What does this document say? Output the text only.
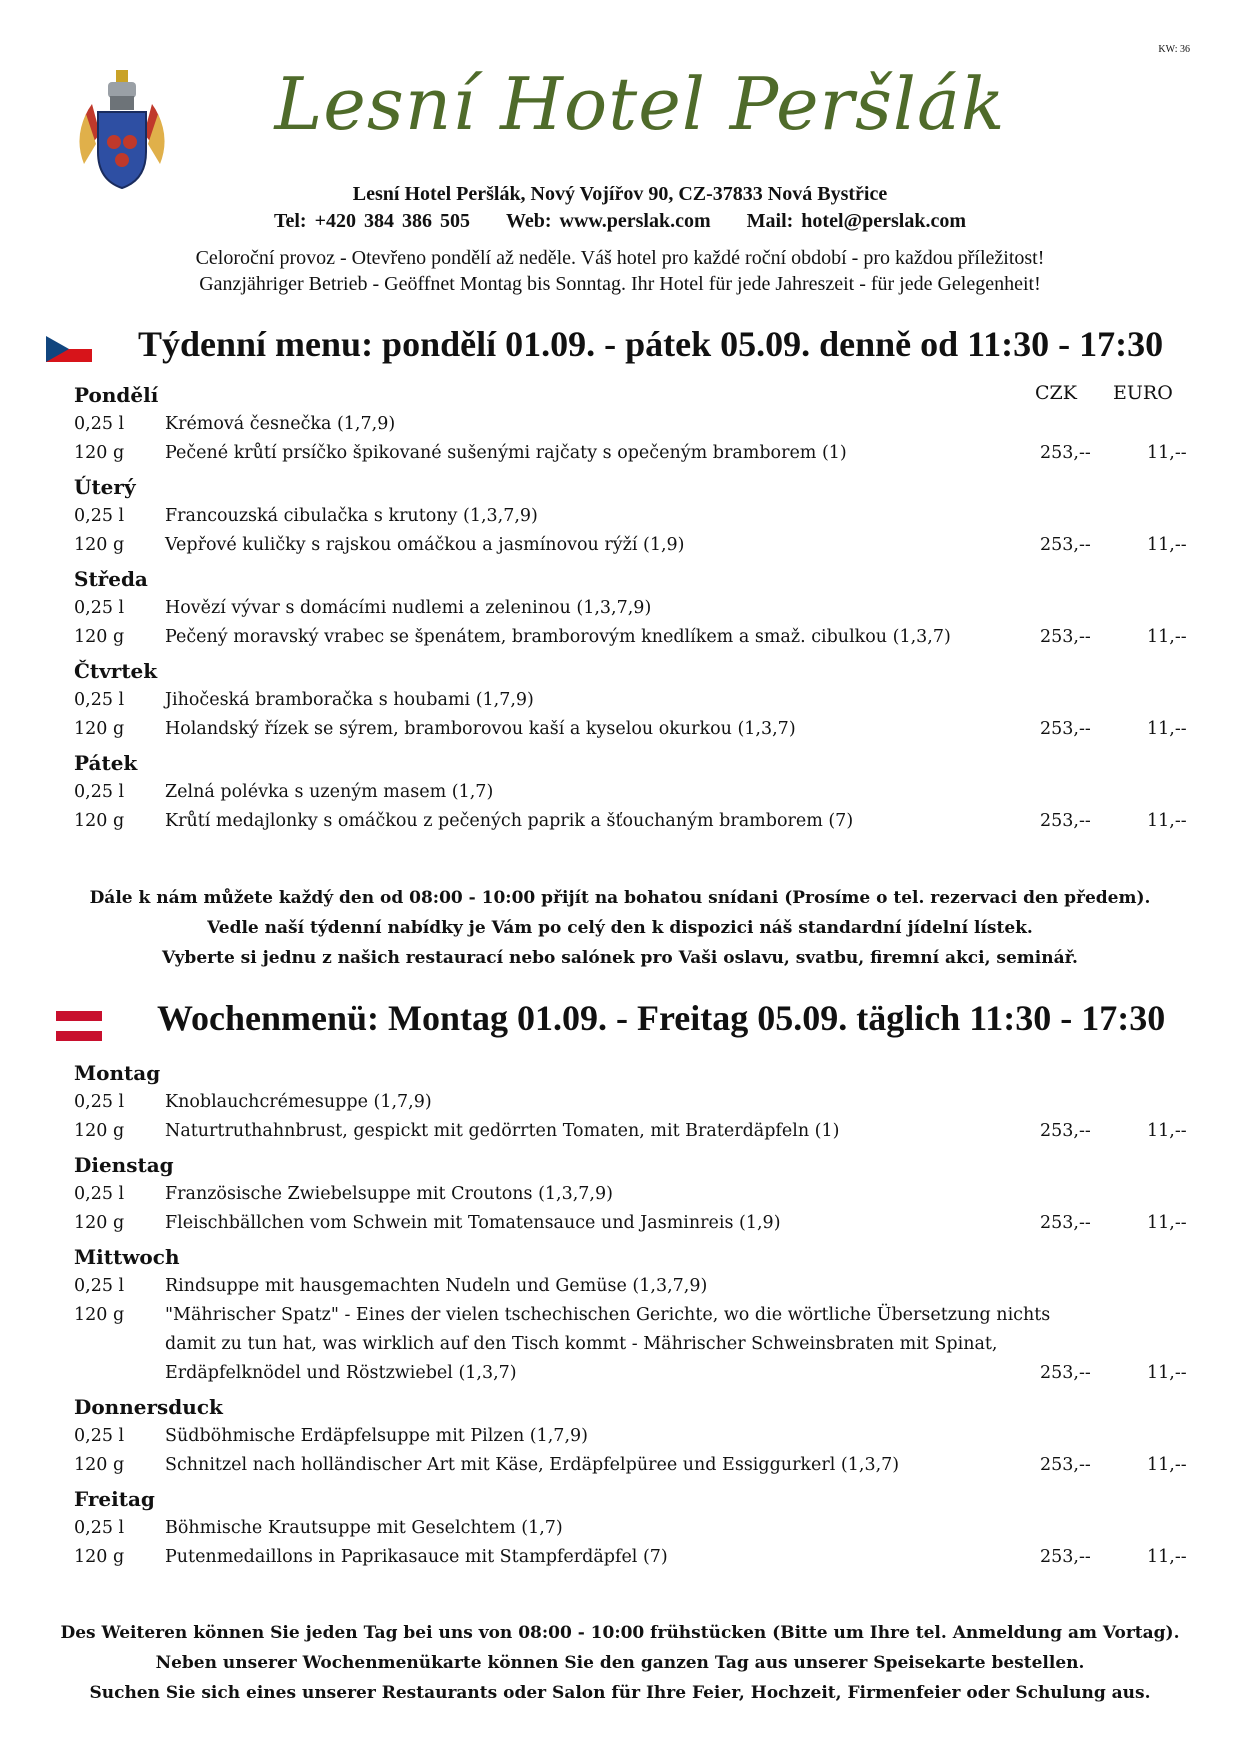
KW: 36
Lesní Hotel Peršlák
Lesní Hotel Peršlák, Nový Vojířov 90, CZ-37833 Nová Bystřice
Tel: +420 384 386 505 Web: www.perslak.com Mail: hotel@perslak.com
Celoroční provoz - Otevřeno pondělí až neděle. Váš hotel pro každé roční období - pro každou příležitost!
Ganzjähriger Betrieb - Geöffnet Montag bis Sonntag. Ihr Hotel für jede Jahreszeit - für jede Gelegenheit!
Týdenní menu: pondělí 01.09. - pátek 05.09. denně od 11:30 - 17:30
CZK EURO
Pondělí
0,25 l	Krémová česnečka (1,7,9)
120 g	Pečené krůtí prsíčko špikované sušenými rajčaty s opečeným bramborem (1)	253,--	11,--
Úterý
0,25 l	Francouzská cibulačka s krutony (1,3,7,9)
120 g	Vepřové kuličky s rajskou omáčkou a jasmínovou rýží (1,9)	253,--	11,--
Středa
0,25 l	Hovězí vývar s domácími nudlemi a zeleninou (1,3,7,9)
120 g	Pečený moravský vrabec se špenátem, bramborovým knedlíkem a smaž. cibulkou (1,3,7)	253,--	11,--
Čtvrtek
0,25 l	Jihočeská bramboračka s houbami (1,7,9)
120 g	Holandský řízek se sýrem, bramborovou kaší a kyselou okurkou (1,3,7)	253,--	11,--
Pátek
0,25 l	Zelná polévka s uzeným masem (1,7)
120 g	Krůtí medajlonky s omáčkou z pečených paprik a šťouchaným bramborem (7)	253,--	11,--
Dále k nám můžete každý den od 08:00 - 10:00 přijít na bohatou snídani (Prosíme o tel. rezervaci den předem).
Vedle naší týdenní nabídky je Vám po celý den k dispozici náš standardní jídelní lístek.
Vyberte si jednu z našich restaurací nebo salónek pro Vaši oslavu, svatbu, firemní akci, seminář.
Wochenmenü: Montag 01.09. - Freitag 05.09. täglich 11:30 - 17:30
Montag
0,25 l	Knoblauchcrémesuppe (1,7,9)
120 g	Naturtruthahnbrust, gespickt mit gedörrten Tomaten, mit Braterdäpfeln (1)	253,--	11,--
Dienstag
0,25 l	Französische Zwiebelsuppe mit Croutons (1,3,7,9)
120 g	Fleischbällchen vom Schwein mit Tomatensauce und Jasminreis (1,9)	253,--	11,--
Mittwoch
0,25 l	Rindsuppe mit hausgemachten Nudeln und Gemüse (1,3,7,9)
120 g	"Mährischer Spatz" - Eines der vielen tschechischen Gerichte, wo die wörtliche Übersetzung nichts damit zu tun hat, was wirklich auf den Tisch kommt - Mährischer Schweinsbraten mit Spinat, Erdäpfelknödel und Röstzwiebel (1,3,7)	253,--	11,--
Donnersduck
0,25 l	Südböhmische Erdäpfelsuppe mit Pilzen (1,7,9)
120 g	Schnitzel nach holländischer Art mit Käse, Erdäpfelpüree und Essiggurkerl (1,3,7)	253,--	11,--
Freitag
0,25 l	Böhmische Krautsuppe mit Geselchtem (1,7)
120 g	Putenmedaillons in Paprikasauce mit Stampferdäpfel (7)	253,--	11,--
Des Weiteren können Sie jeden Tag bei uns von 08:00 - 10:00 frühstücken (Bitte um Ihre tel. Anmeldung am Vortag).
Neben unserer Wochenmenükarte können Sie den ganzen Tag aus unserer Speisekarte bestellen.
Suchen Sie sich eines unserer Restaurants oder Salon für Ihre Feier, Hochzeit, Firmenfeier oder Schulung aus.
